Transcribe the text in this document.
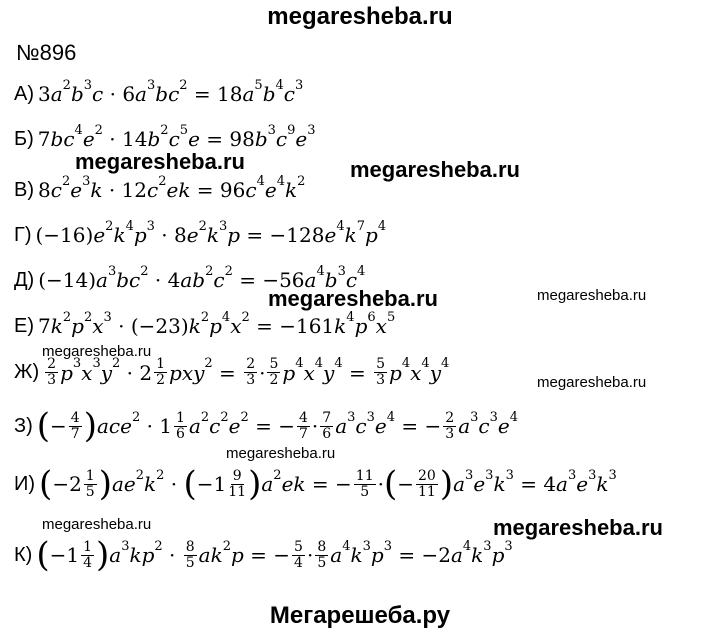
megaresheba.ru
№896
А) 3 $a^2$ $b^3$ c · 6 $a^3$ $bc^2 = 18$ $a^5$ $b^4$ $c^3$
Б) 7 $bc^4$ $e^2 \cdot 14$ $b^2$ $c^5$ e = 98 $b^3$ $c^9$ $e^3$
В) 8 $c^2$ $e^3$ k · 12 $c^2$ ek = 96 $c^4$ $e^4$ $k^2$
Г) (−16) $e^2$ $k^4$ $p^3 \cdot 8$ $e^2$ $k^3$ p = −128 $e^4$ $k^7$ $p^4$
Д) (−14) $a^3$ $bc^2 \cdot 4$ $ab^2$ $c^2 = -56$ $a^4$ $b^3$ $c^4$
Е) 7 $k^2$ $p^2$ $x^3 \cdot (-23)$ $k^2$ $p^4$ $x^2 = -161$ $k^4$ $p^6$ $x^5$
$Ж) \frac{2}{3} p^3$ $x^3$ $y^2 \cdot 2 \frac{1}{2} pxy^2 = \frac{2}{3} \cdot \frac{5}{2} p^4$ $x^4$ $y^4 = \frac{5}{3} p^4$ $x^4$ $y^4$
З) ( − $\frac{4}{7}$ ) $ace^2 \cdot 1 \frac{1}{6} a^2$ $c^2$ $e^2$ = − $\frac{4}{7} \cdot \frac{7}{6} a^3$ $c^3$ $e^4$ = − $\frac{2}{3} a^3$ $c^3$ $e^4$
И) ( $-2 \frac{1}{5}$ ) $ae^2$ $k^2$ · ( $-1 \frac{9}{11}$ ) $a^2$ ek = − $\frac{11}{5}$ · ( − $\frac{20}{11}$ ) $a^3$ $e^3$ $k^3 = 4$ $a^3$ $e^3$ $k^3$
К) ( $-1 \frac{1}{4}$ ) $a^3$ $kp^2 \cdot \frac{8}{5} ak^2$ p = − $\frac{5}{4} \cdot \frac{8}{5} a^4$ $k^3$ $p^3 = -2$ $a^4$ $k^3$ $p^3$
megaresheba.ru	megaresheba.ru
megaresheba.ru	megaresheba.ru
megaresheba.ru
megaresheba.ru
megaresheba.ru
megaresheba.ru	megaresheba.ru
Мегарешеба.ру
